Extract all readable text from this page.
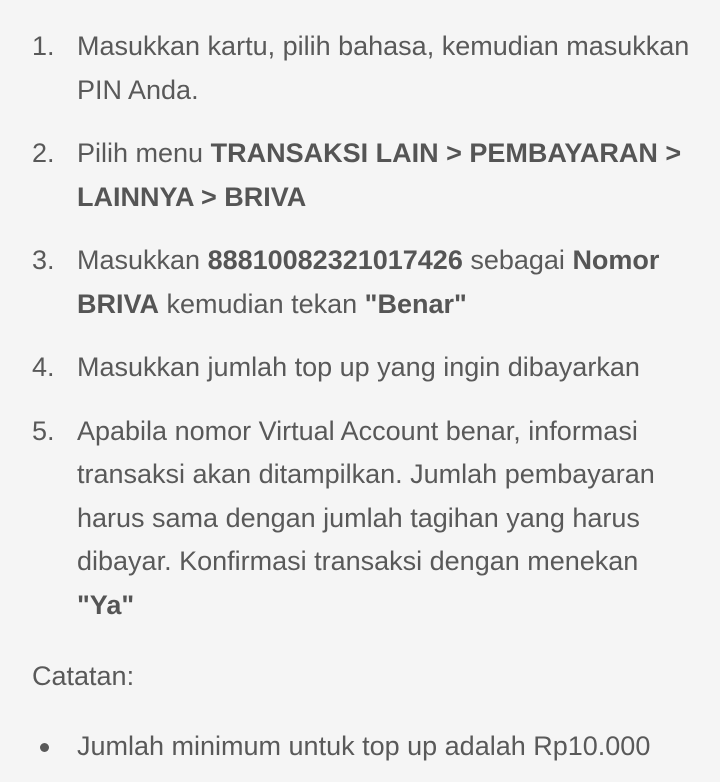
1. Masukkan kartu, pilih bahasa, kemudian masukkan PIN Anda.
2. Pilih menu TRANSAKSI LAIN > PEMBAYARAN > LAINNYA > BRIVA
3. Masukkan 88810082321017426 sebagai Nomor BRIVA kemudian tekan "Benar"
4. Masukkan jumlah top up yang ingin dibayarkan
5. Apabila nomor Virtual Account benar, informasi transaksi akan ditampilkan. Jumlah pembayaran harus sama dengan jumlah tagihan yang harus dibayar. Konfirmasi transaksi dengan menekan "Ya"
Catatan:
Jumlah minimum untuk top up adalah Rp10.000
